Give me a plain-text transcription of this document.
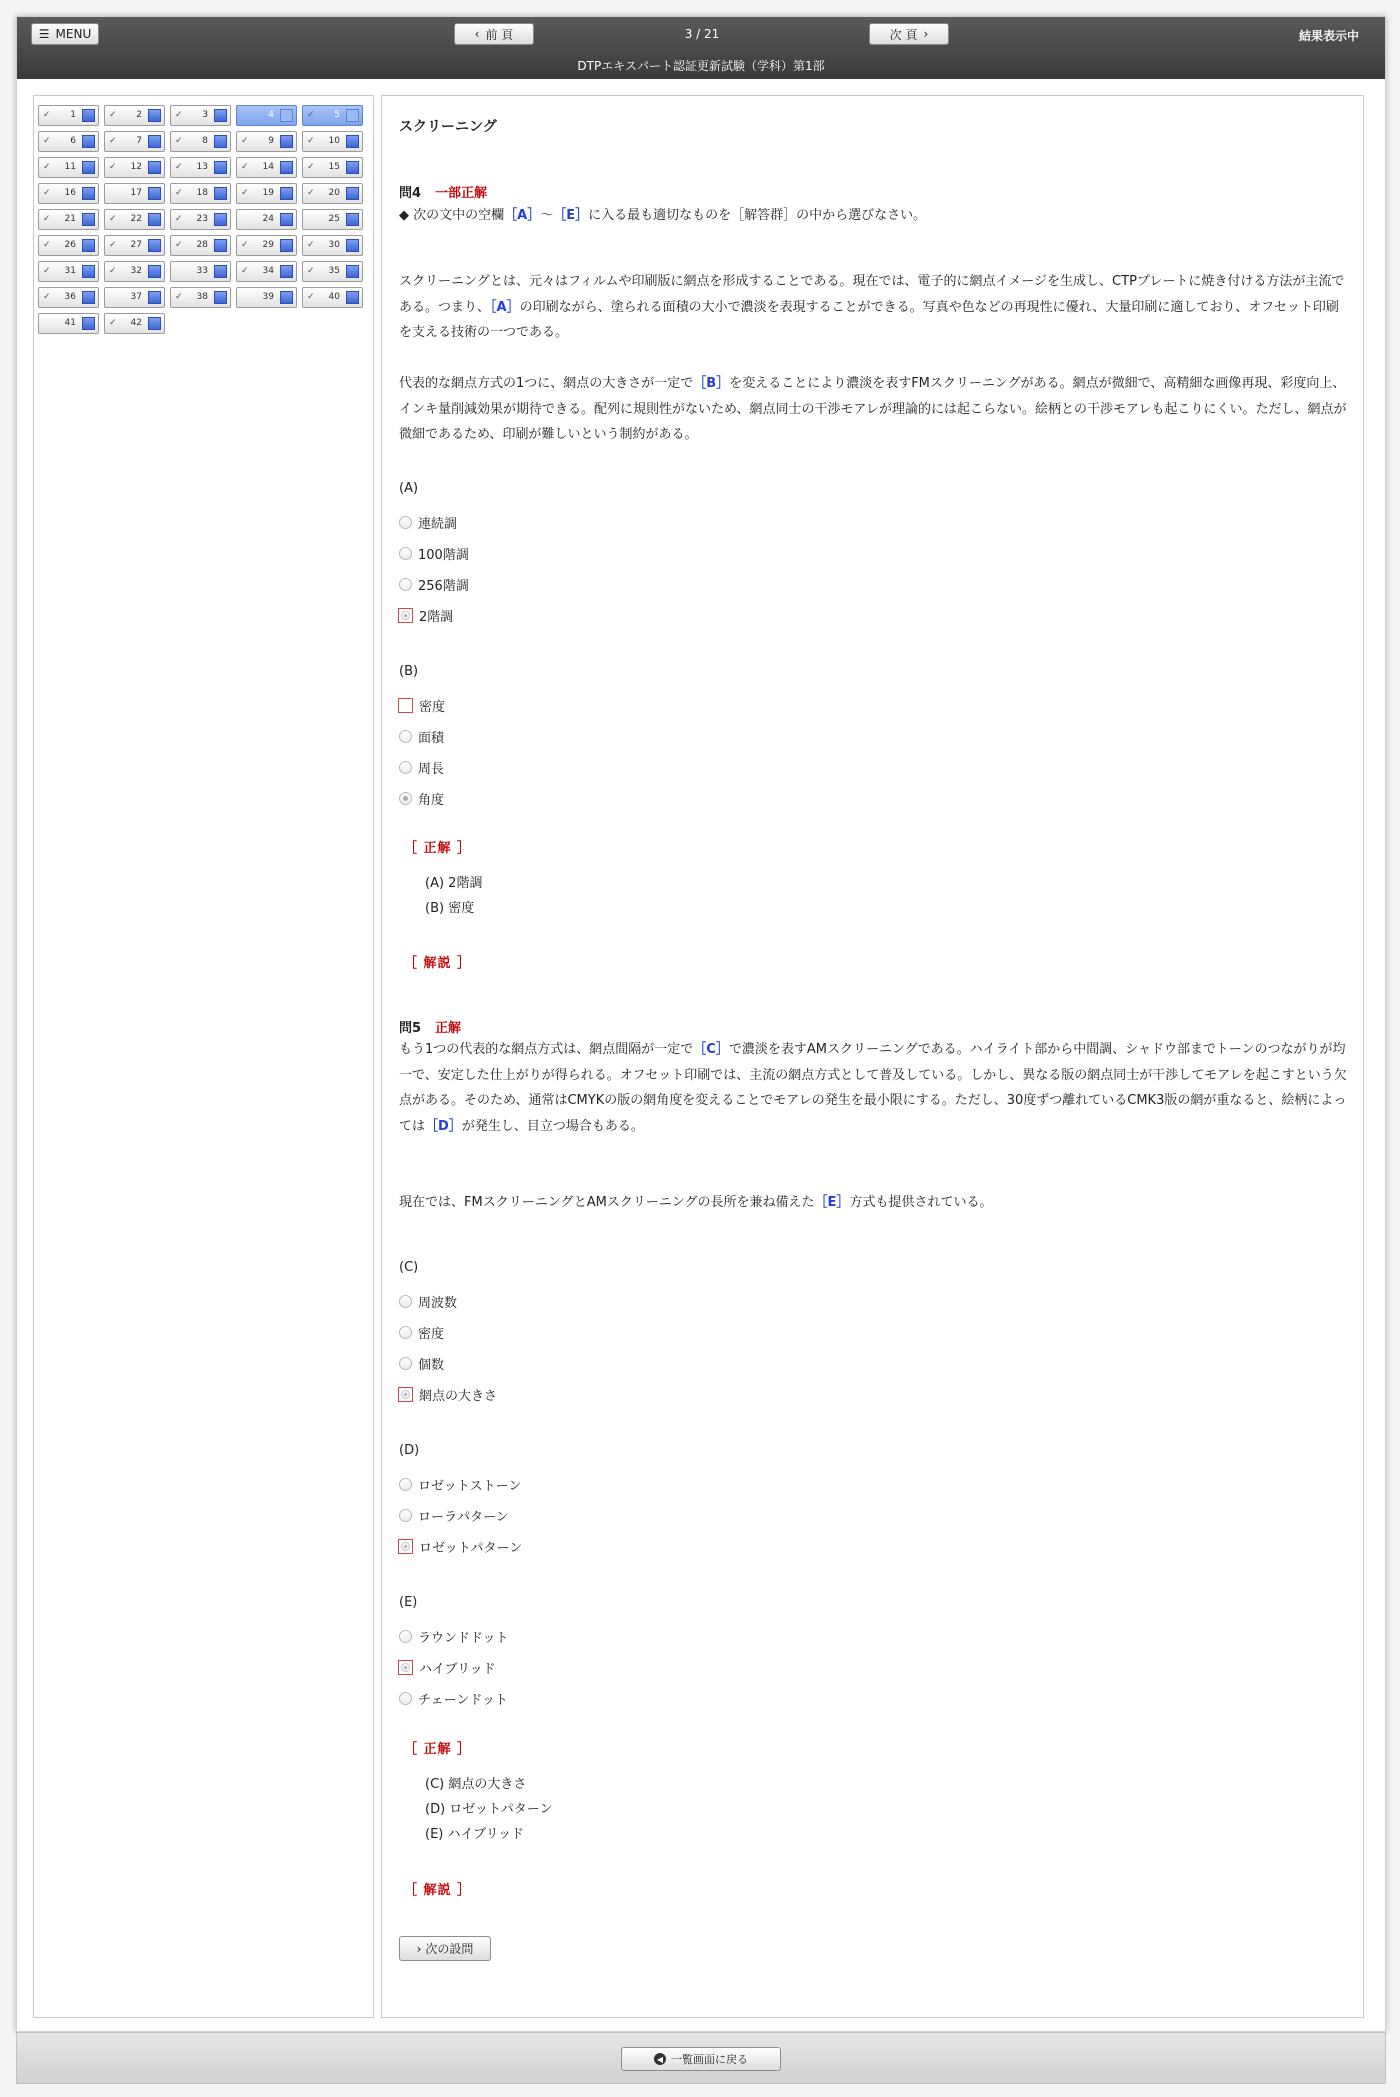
☰ MENU	‹ 前 頁	3 / 21	次 頁 ›	結果表示中
DTPエキスパート認証更新試験（学科）第1部
✓ 1	✓ 2	✓ 3	4	✓ 5
✓ 6	✓ 7	✓ 8	✓ 9	✓ 10
✓ 11	✓ 12	✓ 13	✓ 14	✓ 15
✓ 16	17	✓ 18	✓ 19	✓ 20
✓ 21	✓ 22	✓ 23	24	25
✓ 26	✓ 27	✓ 28	✓ 29	✓ 30
✓ 31	✓ 32	33	✓ 34	✓ 35
✓ 36	37	✓ 38	39	✓ 40
41	✓ 42
スクリーニング
問4 一部正解
◆ 次の文中の空欄［A］～［E］に入る最も適切なものを［解答群］の中から選びなさい。
スクリーニングとは、元々はフィルムや印刷版に網点を形成することである。現在では、電子的に網点イメージを生成し、CTPプレートに焼き付ける方法が主流である。つまり、［A］の印刷ながら、塗られる面積の大小で濃淡を表現することができる。写真や色などの再現性に優れ、大量印刷に適しており、オフセット印刷を支える技術の一つである。
代表的な網点方式の1つに、網点の大きさが一定で［B］を変えることにより濃淡を表すFMスクリーニングがある。網点が微細で、高精細な画像再現、彩度向上、インキ量削減効果が期待できる。配列に規則性がないため、網点同士の干渉モアレが理論的には起こらない。絵柄との干渉モアレも起こりにくい。ただし、網点が微細であるため、印刷が難しいという制約がある。
(A)
連続調
100階調
256階調
2階調
(B)
密度
面積
周長
角度
［ 正解 ］
(A) 2階調
(B) 密度
［ 解説 ］
問5 正解
もう1つの代表的な網点方式は、網点間隔が一定で［C］で濃淡を表すAMスクリーニングである。ハイライト部から中間調、シャドウ部までトーンのつながりが均一で、安定した仕上がりが得られる。オフセット印刷では、主流の網点方式として普及している。しかし、異なる版の網点同士が干渉してモアレを起こすという欠点がある。そのため、通常はCMYKの版の網角度を変えることでモアレの発生を最小限にする。ただし、30度ずつ離れているCMK3版の網が重なると、絵柄によっては［D］が発生し、目立つ場合もある。
現在では、FMスクリーニングとAMスクリーニングの長所を兼ね備えた［E］方式も提供されている。
(C)
周波数
密度
個数
網点の大きさ
(D)
ロゼットストーン
ローラパターン
ロゼットパターン
(E)
ラウンドドット
ハイブリッド
チェーンドット
［ 正解 ］
(C) 網点の大きさ
(D) ロゼットパターン
(E) ハイブリッド
［ 解説 ］
› 次の設問
◀ 一覧画面に戻る
